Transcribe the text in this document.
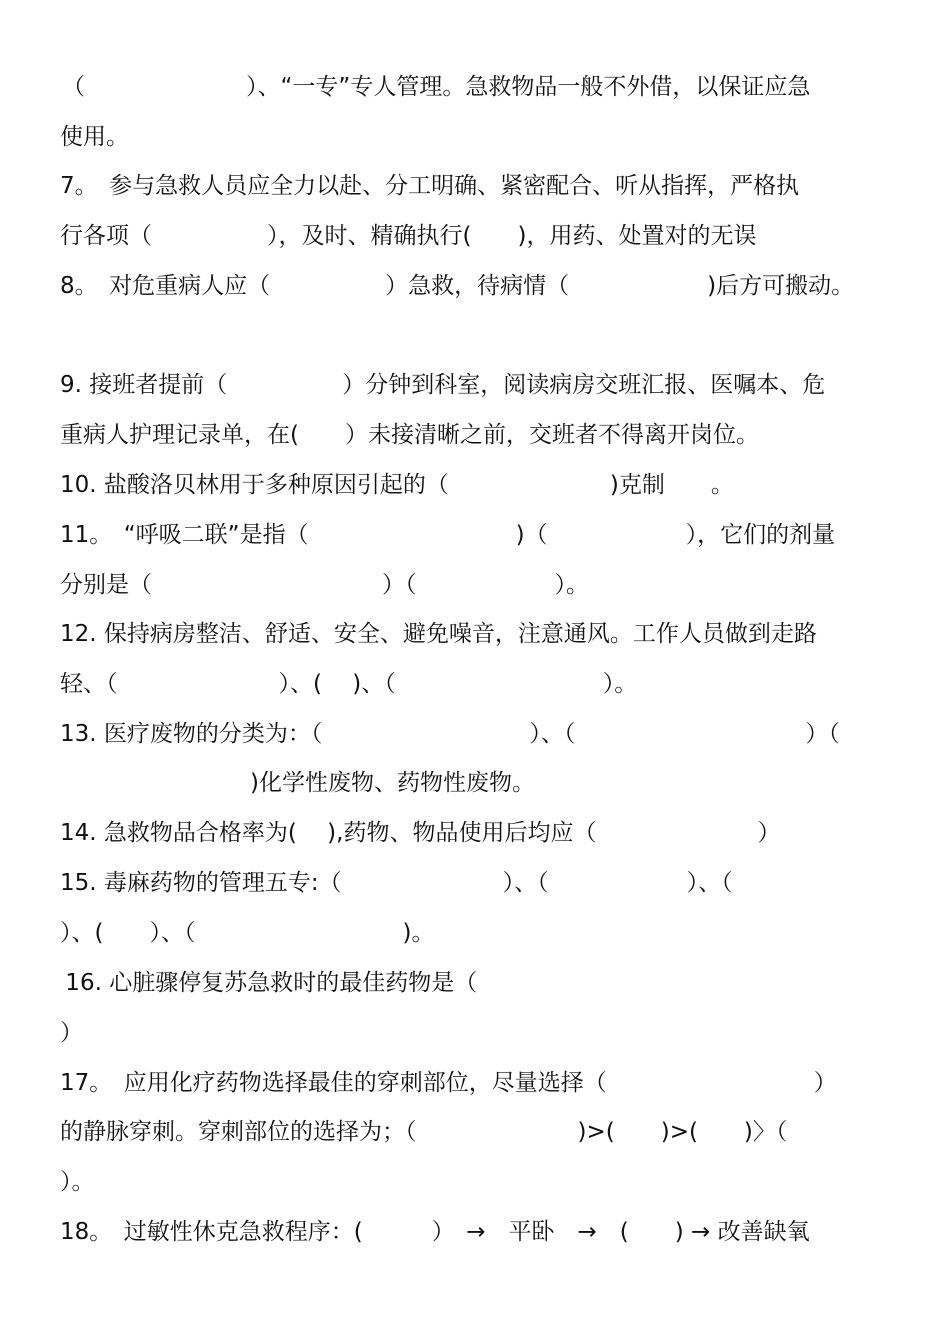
（　　　　　　　）、“一专”专人管理。急救物品一般不外借，以保证应急
使用。
7。　参与急救人员应全力以赴、分工明确、紧密配合、听从指挥，严格执
行各项（　　　　　），及时、精确执行(　　)，用药、处置对的无误
8。　对危重病人应（　　　　　）急救，待病情（　　　　　　)后方可搬动。
9. 接班者提前（　　　　　）分钟到科室，阅读病房交班汇报、医嘱本、危
重病人护理记录单，在(　　）未接清晰之前，交班者不得离开岗位。
10. 盐酸洛贝林用于多种原因引起的（　　　　　　　)克制　　。
11。　“呼吸二联”是指（　　　　　　　　　)（　　　　　　），它们的剂量
分别是（　　　　　　　　　　）（　　　　　　）。
12. 保持病房整洁、舒适、安全、避免噪音，注意通风。工作人员做到走路
轻、（　　　　　　　）、(　 )、（　　　　　　　　　）。
13. 医疗废物的分类为：（　　　　　　　　　）、（　　　　　　　　　　）（
　　　　　　　　　　)化学性废物、药物性废物。
14. 急救物品合格率为(　 ),药物、物品使用后均应（　　　　　　　）
15. 毒麻药物的管理五专:（　　　　　　　）、（　　　　　　）、（
）、(　　）、（　　　　　　　　　)。
16. 心脏骤停复苏急救时的最佳药物是（
）
17。　应用化疗药物选择最佳的穿刺部位，尽量选择（　　　　　　　　　）
的静脉穿刺。穿刺部位的选择为；（　　　　　　　)>(　　)>(　　)〉（
）。
18。　过敏性休克急救程序：(　　　）　→　平卧　→　(　　) → 改善缺氧
